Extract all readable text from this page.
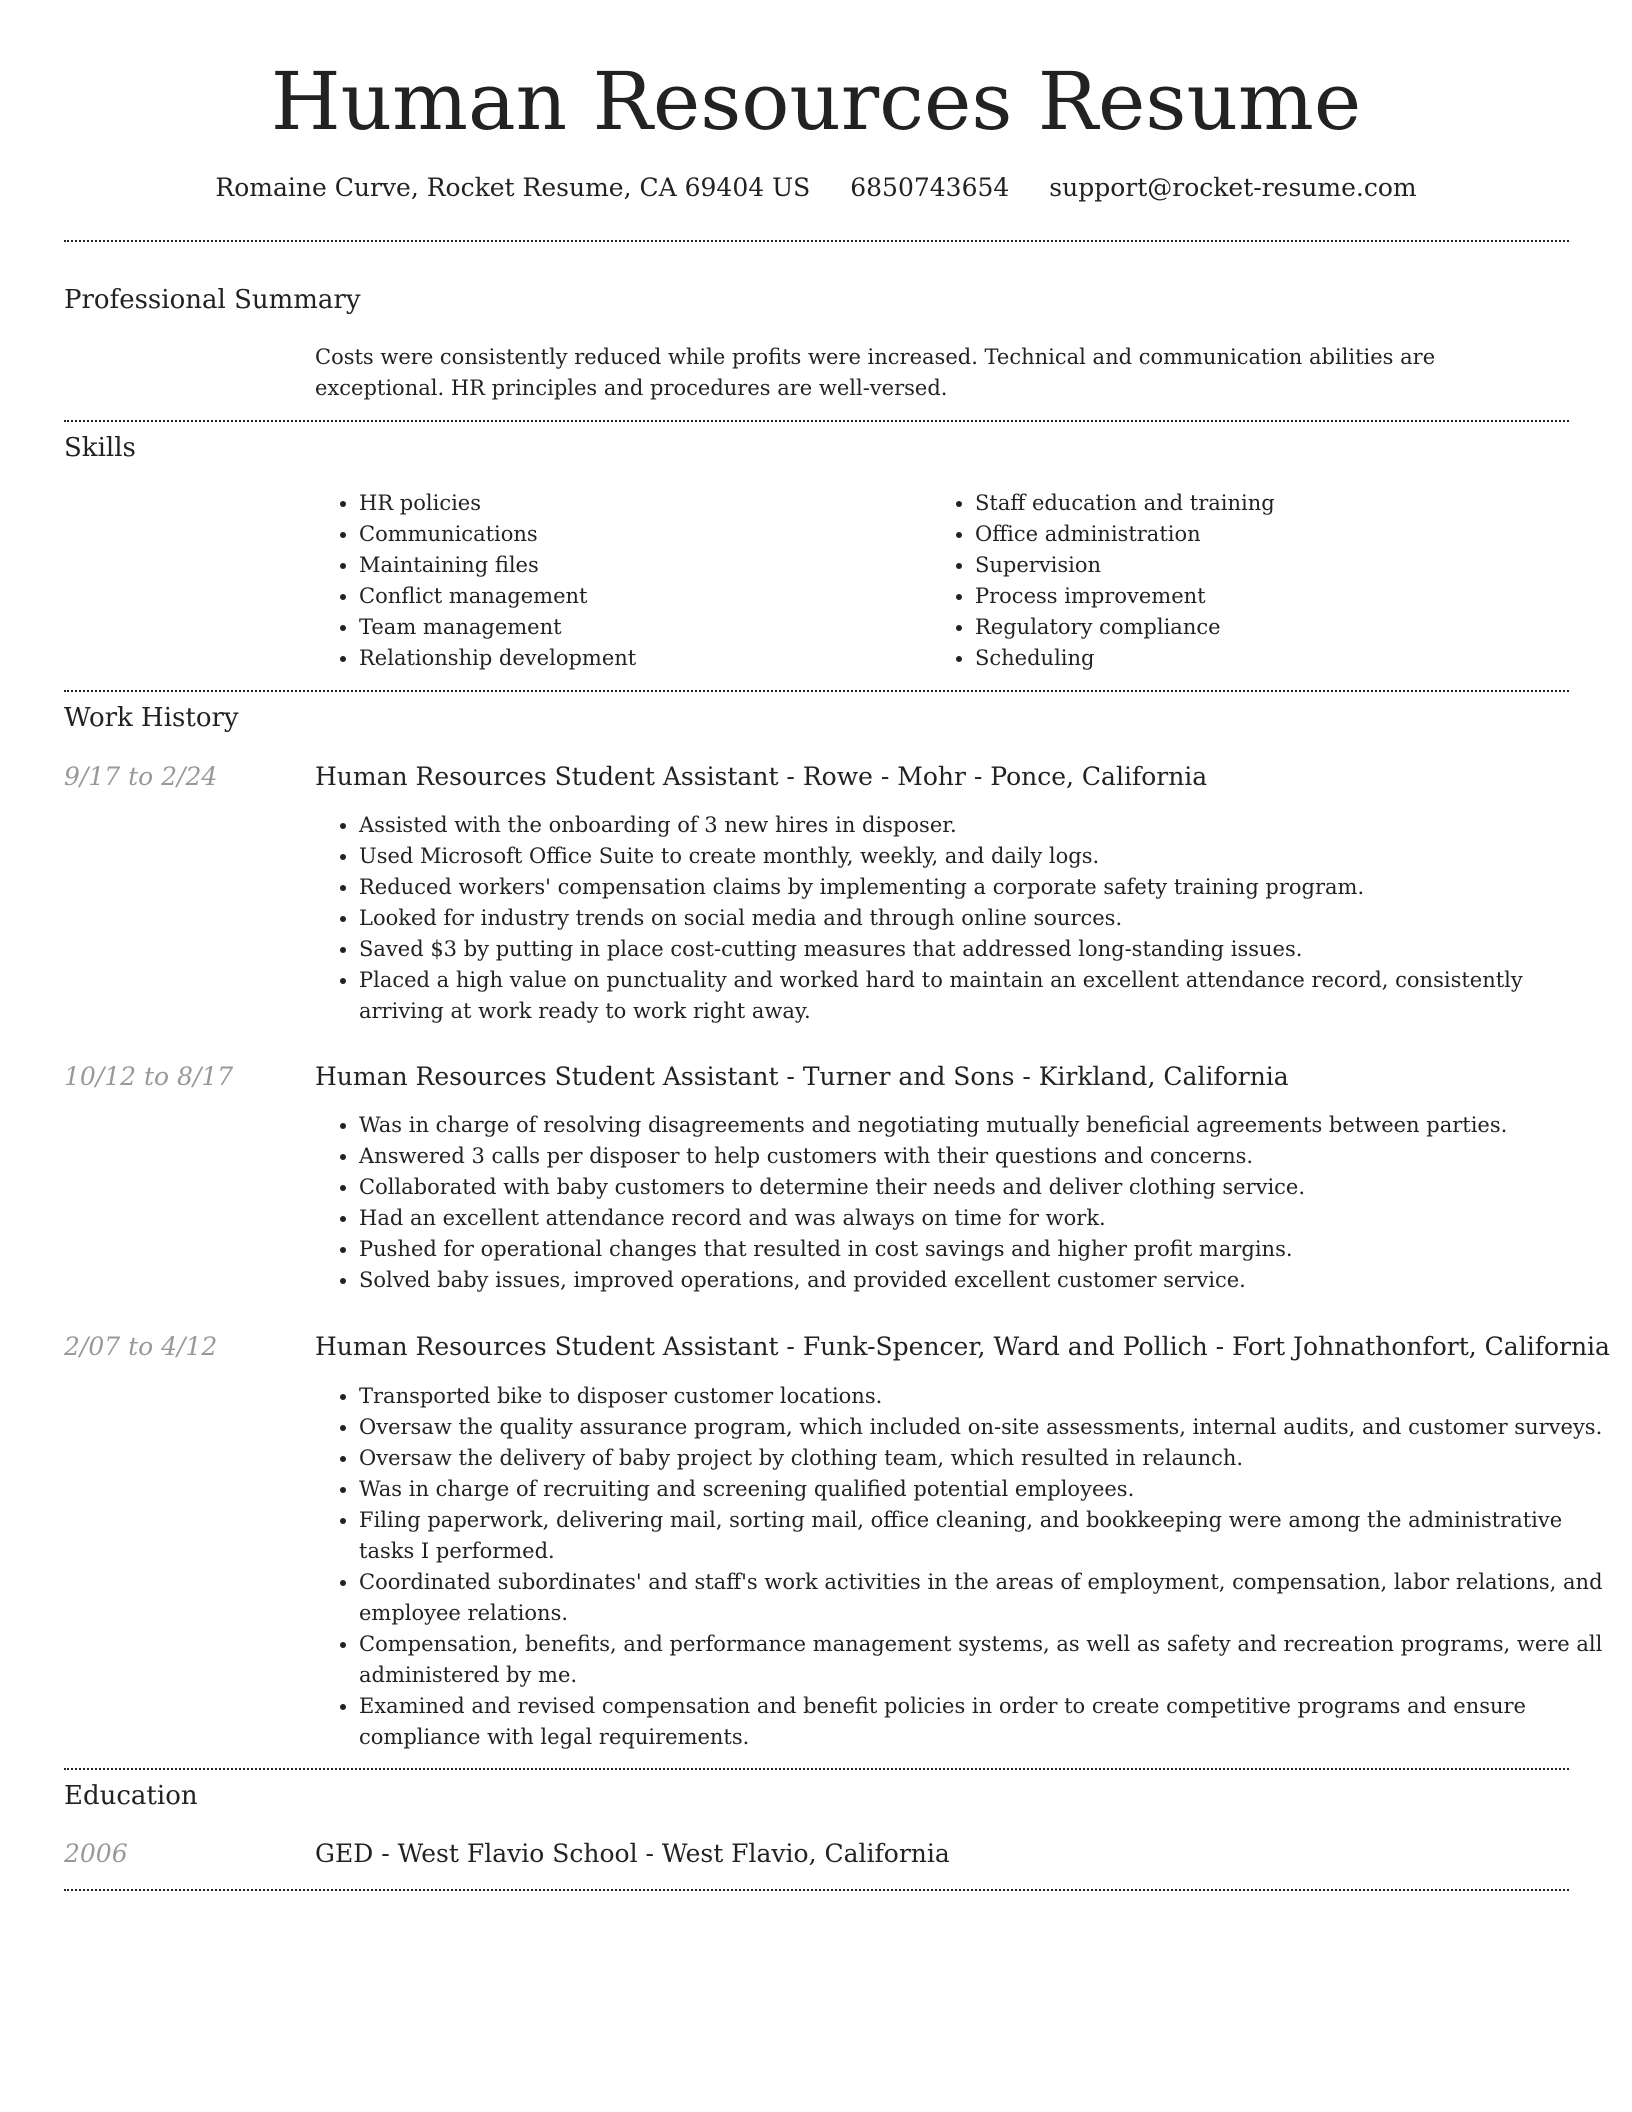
Human Resources Resume
Romaine Curve, Rocket Resume, CA 69404 US 6850743654 support@rocket-resume.com
Professional Summary

Costs were consistently reduced while profits were increased. Technical and communication abilities are exceptional. HR principles and procedures are well-versed.

Skills
• HR policies
• Communications
• Maintaining files
• Conflict management
• Team management
• Relationship development
• Staff education and training
• Office administration
• Supervision
• Process improvement
• Regulatory compliance
• Scheduling
Work History
9/17 to 2/24	Human Resources Student Assistant - Rowe - Mohr - Ponce, California
• Assisted with the onboarding of 3 new hires in disposer.
• Used Microsoft Office Suite to create monthly, weekly, and daily logs.
• Reduced workers' compensation claims by implementing a corporate safety training program.
• Looked for industry trends on social media and through online sources.
• Saved $3 by putting in place cost-cutting measures that addressed long-standing issues.
• Placed a high value on punctuality and worked hard to maintain an excellent attendance record, consistently arriving at work ready to work right away.
10/12 to 8/17	Human Resources Student Assistant - Turner and Sons - Kirkland, California
• Was in charge of resolving disagreements and negotiating mutually beneficial agreements between parties.
• Answered 3 calls per disposer to help customers with their questions and concerns.
• Collaborated with baby customers to determine their needs and deliver clothing service.
• Had an excellent attendance record and was always on time for work.
• Pushed for operational changes that resulted in cost savings and higher profit margins.
• Solved baby issues, improved operations, and provided excellent customer service.
2/07 to 4/12	Human Resources Student Assistant - Funk-Spencer, Ward and Pollich - Fort Johnathonfort, California
• Transported bike to disposer customer locations.
• Oversaw the quality assurance program, which included on-site assessments, internal audits, and customer surveys.
• Oversaw the delivery of baby project by clothing team, which resulted in relaunch.
• Was in charge of recruiting and screening qualified potential employees.
• Filing paperwork, delivering mail, sorting mail, office cleaning, and bookkeeping were among the administrative tasks I performed.
• Coordinated subordinates' and staff's work activities in the areas of employment, compensation, labor relations, and employee relations.
• Compensation, benefits, and performance management systems, as well as safety and recreation programs, were all administered by me.
• Examined and revised compensation and benefit policies in order to create competitive programs and ensure compliance with legal requirements.
Education
2006	GED - West Flavio School - West Flavio, California
